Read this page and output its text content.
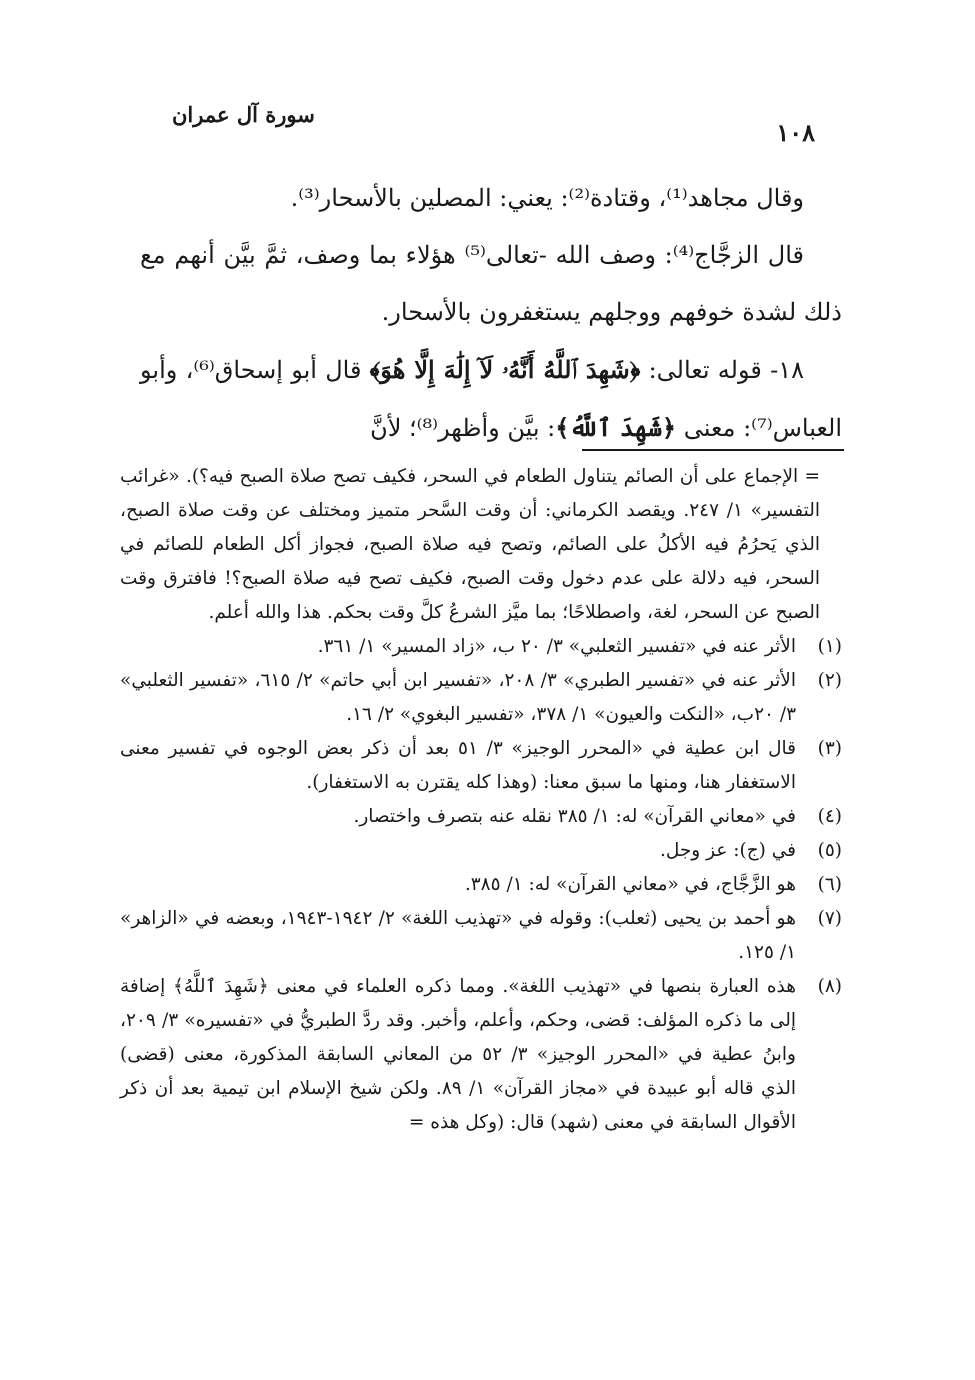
سورة آل عمران
١٠٨

وقال مجاهد⁽¹⁾، وقتادة⁽²⁾: يعني: المصلين بالأسحار⁽³⁾.

قال الزجَّاج⁽⁴⁾: وصف الله -تعالى⁽⁵⁾ هؤلاء بما وصف، ثمَّ بيَّن أنهم مع ذلك لشدة خوفهم ووجلهم يستغفرون بالأسحار.

١٨- قوله تعالى: ﴿شَهِدَ ٱللَّهُ أَنَّهُۥ لَآ إِلَٰهَ إِلَّا هُوَ﴾ قال أبو إسحاق⁽⁶⁾، وأبو العباس⁽⁷⁾: معنى ﴿شَهِدَ ٱللَّهُ﴾: بيَّن وأظهر⁽⁸⁾؛ لأنَّ

= الإجماع على أن الصائم يتناول الطعام في السحر، فكيف تصح صلاة الصبح فيه؟). «غرائب التفسير» ١/ ٢٤٧. ويقصد الكرماني: أن وقت السَّحر متميز ومختلف عن وقت صلاة الصبح، الذي يَحرُمُ فيه الأكلُ على الصائم، وتصح فيه صلاة الصبح، فجواز أكل الطعام للصائم في السحر، فيه دلالة على عدم دخول وقت الصبح، فكيف تصح فيه صلاة الصبح؟! فافترق وقت الصبح عن السحر، لغة، واصطلاحًا؛ بما ميَّز الشرعُ كلَّ وقت بحكم. هذا والله أعلم.

(١)
الأثر عنه في «تفسير الثعلبي» ٣/ ٢٠ ب، «زاد المسير» ١/ ٣٦١.
(٢)
الأثر عنه في «تفسير الطبري» ٣/ ٢٠٨، «تفسير ابن أبي حاتم» ٢/ ٦١٥، «تفسير الثعلبي» ٣/ ٢٠ب، «النكت والعيون» ١/ ٣٧٨، «تفسير البغوي» ٢/ ١٦.
(٣)
قال ابن عطية في «المحرر الوجيز» ٣/ ٥١ بعد أن ذكر بعض الوجوه في تفسير معنى الاستغفار هنا، ومنها ما سبق معنا: (وهذا كله يقترن به الاستغفار).
(٤)
في «معاني القرآن» له: ١/ ٣٨٥ نقله عنه بتصرف واختصار.
(٥)
في (ج): عز وجل.
(٦)
هو الزَّجَّاج، في «معاني القرآن» له: ١/ ٣٨٥.
(٧)
هو أحمد بن يحيى (ثعلب): وقوله في «تهذيب اللغة» ٢/ ١٩٤٢-١٩٤٣، وبعضه في «الزاهر» ١/ ١٢٥.
(٨)
هذه العبارة بنصها في «تهذيب اللغة». ومما ذكره العلماء في معنى ﴿شَهِدَ ٱللَّهُ﴾ إضافة إلى ما ذكره المؤلف: قضى، وحكم، وأعلم، وأخبر. وقد ردَّ الطبريُّ في «تفسيره» ٣/ ٢٠٩، وابنُ عطية في «المحرر الوجيز» ٣/ ٥٢ من المعاني السابقة المذكورة، معنى (قضى) الذي قاله أبو عبيدة في «مجاز القرآن» ١/ ٨٩. ولكن شيخ الإسلام ابن تيمية بعد أن ذكر الأقوال السابقة في معنى (شهد) قال: (وكل هذه =
